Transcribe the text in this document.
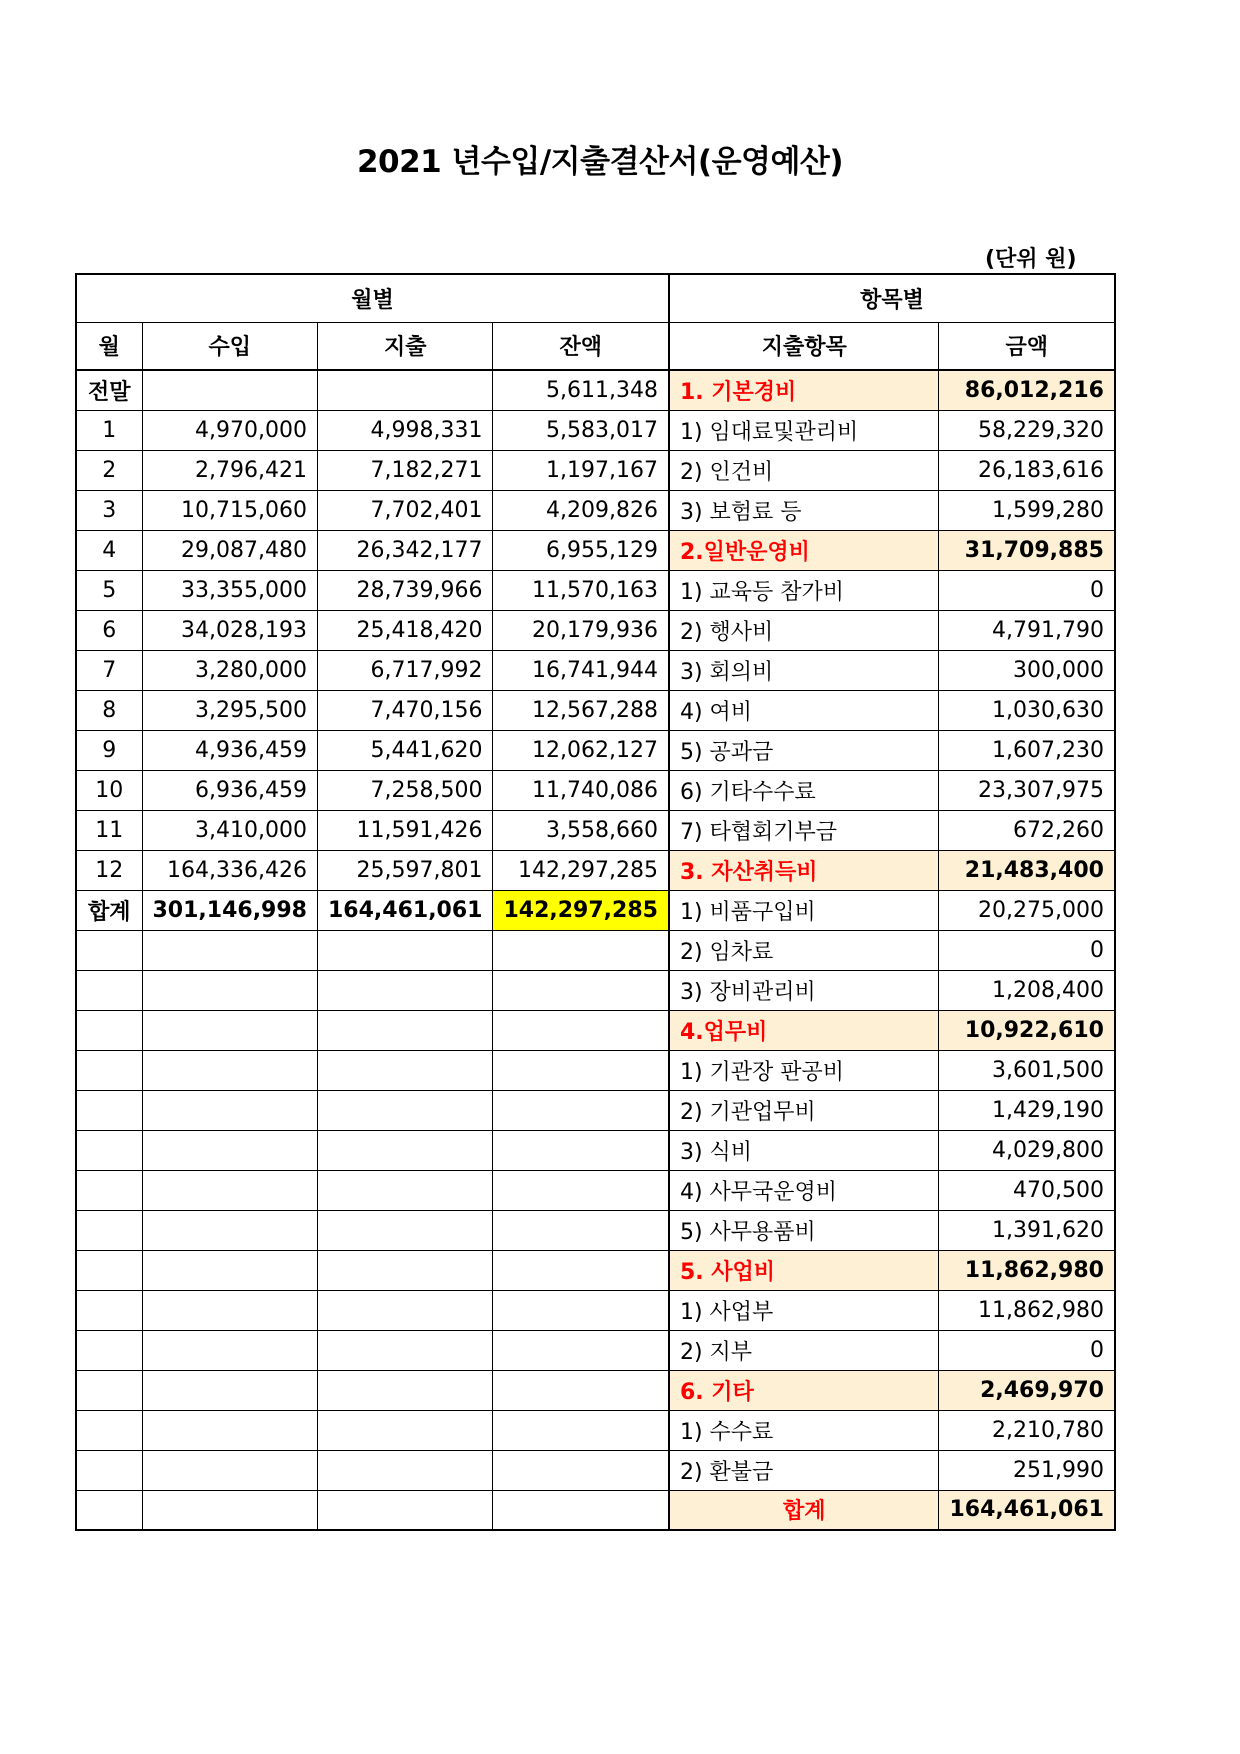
2021 년수입/지출결산서(운영예산)
(단위 원)
월별				항목별	
월	수입	지출	잔액	지출항목	금액
전말			5,611,348	1. 기본경비	86,012,216
1	4,970,000	4,998,331	5,583,017	1) 임대료및관리비	58,229,320
2	2,796,421	7,182,271	1,197,167	2) 인건비	26,183,616
3	10,715,060	7,702,401	4,209,826	3) 보험료 등	1,599,280
4	29,087,480	26,342,177	6,955,129	2.일반운영비	31,709,885
5	33,355,000	28,739,966	11,570,163	1) 교육등 참가비	0
6	34,028,193	25,418,420	20,179,936	2) 행사비	4,791,790
7	3,280,000	6,717,992	16,741,944	3) 회의비	300,000
8	3,295,500	7,470,156	12,567,288	4) 여비	1,030,630
9	4,936,459	5,441,620	12,062,127	5) 공과금	1,607,230
10	6,936,459	7,258,500	11,740,086	6) 기타수수료	23,307,975
11	3,410,000	11,591,426	3,558,660	7) 타협회기부금	672,260
12	164,336,426	25,597,801	142,297,285	3. 자산취득비	21,483,400
합계	301,146,998	164,461,061	142,297,285	1) 비품구입비	20,275,000
				2) 임차료	0
				3) 장비관리비	1,208,400
				4.업무비	10,922,610
				1) 기관장 판공비	3,601,500
				2) 기관업무비	1,429,190
				3) 식비	4,029,800
				4) 사무국운영비	470,500
				5) 사무용품비	1,391,620
				5. 사업비	11,862,980
				1) 사업부	11,862,980
				2) 지부	0
				6. 기타	2,469,970
				1) 수수료	2,210,780
				2) 환불금	251,990
				합계	164,461,061
